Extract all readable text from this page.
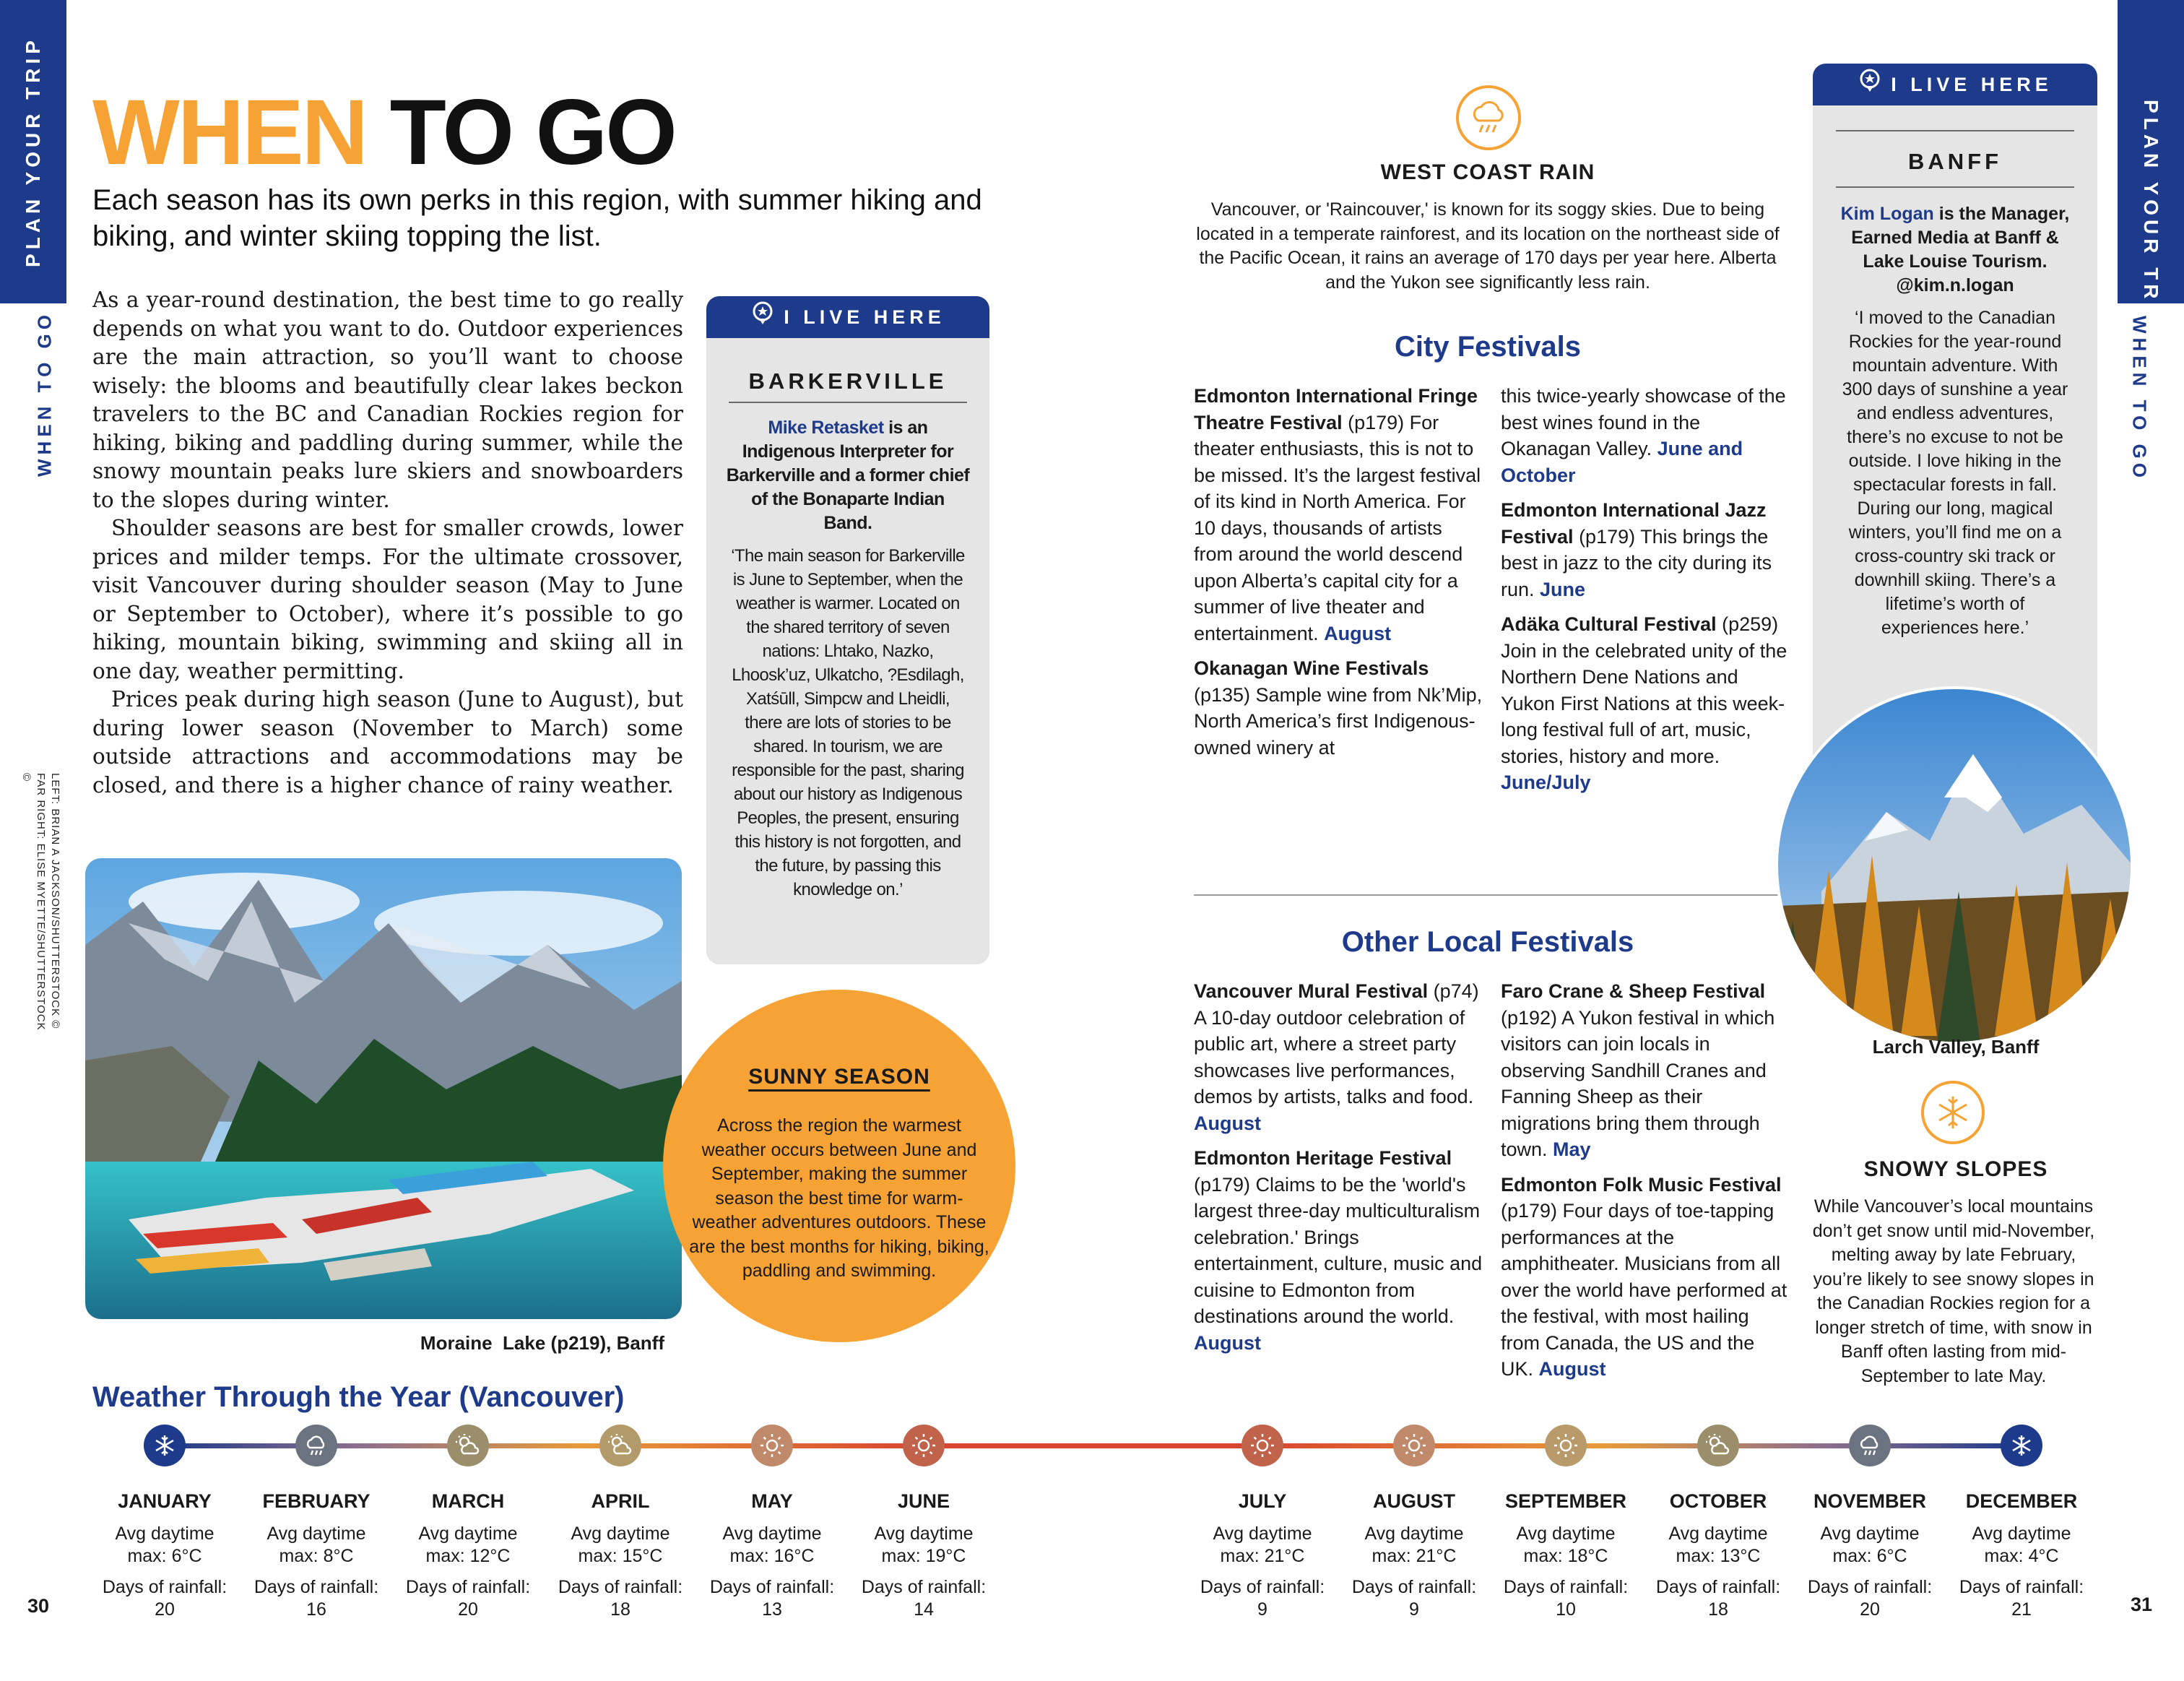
PLAN YOUR TRIP
WHEN TO GO
PLAN YOUR TRIP
WHEN TO GO
WHEN TO GO
Each season has its own perks in this region, with summer hiking and biking, and winter skiing topping the list.

As a year-round destination, the best time to go really depends on what you want to do. Outdoor experiences are the main attraction, so you’ll want to choose wisely: the blooms and beautifully clear lakes beckon travelers to the BC and Canadian Rockies region for hiking, biking and paddling during summer, while the snowy mountain peaks lure skiers and snowboarders to the slopes during winter.

Shoulder seasons are best for smaller crowds, lower prices and milder temps. For the ultimate crossover, visit Vancouver during shoulder season (May to June or September to October), where it’s possible to go hiking, mountain biking, swimming and skiing all in one day, weather permitting.

Prices peak during high season (June to August), but during lower season (November to March) some outside attractions and accommodations may be closed, and there is a higher chance of rainy weather.

I LIVE HERE
BARKERVILLE
Mike Retasket is an Indigenous Interpreter for Barkerville and a former chief of the Bonaparte Indian Band.
‘The main season for Barkerville is June to September, when the weather is warmer. Located on the shared territory of seven nations: Lhtako, Nazko, Lhoosk’uz, Ulkatcho, ?Esdilagh, Xatśūll, Simpcw and Lheidli, there are lots of stories to be shared. In tourism, we are responsible for the past, sharing about our history as Indigenous Peoples, the present, ensuring this history is not forgotten, and the future, by passing this knowledge on.’
LEFT: BRIAN A JACKSON/SHUTTERSTOCK © FAR RIGHT: ELISE MYETTE/SHUTTERSTOCK ©
Moraine  Lake (p219), Banff
SUNNY SEASON
Across the region the warmest weather occurs between June and September, making the summer season the best time for warm-weather adventures outdoors. These are the best months for hiking, biking, paddling and swimming.
WEST COAST RAIN
Vancouver, or 'Raincouver,' is known for its soggy skies. Due to being located in a temperate rainforest, and its location on the northeast side of the Pacific Ocean, it rains an average of 170 days per year here. Alberta and the Yukon see significantly less rain.
City Festivals

Edmonton International Fringe Theatre Festival (p179) For theater enthusiasts, this is not to be missed. It’s the largest festival of its kind in North America. For 10 days, thousands of artists from around the world descend upon Alberta’s capital city for a summer of live theater and entertainment. August

Okanagan Wine Festivals (p135) Sample wine from Nk’Mip, North America’s first Indigenous-owned winery at

this twice-yearly showcase of the best wines found in the Okanagan Valley. June and October

Edmonton International Jazz Festival (p179) This brings the best in jazz to the city during its run. June

Adäka Cultural Festival (p259) Join in the celebrated unity of the Northern Dene Nations and Yukon First Nations at this week-long festival full of art, music, stories, history and more. June/July

Other Local Festivals

Vancouver Mural Festival (p74) A 10-day outdoor celebration of public art, where a street party showcases live performances, demos by artists, talks and food. August

Edmonton Heritage Festival (p179) Claims to be the 'world's largest three-day multiculturalism celebration.' Brings entertainment, culture, music and cuisine to Edmonton from destinations around the world. August

Faro Crane & Sheep Festival (p192) A Yukon festival in which visitors can join locals in observing Sandhill Cranes and Fanning Sheep as their migrations bring them through town. May

Edmonton Folk Music Festival (p179) Four days of toe-tapping performances at the amphitheater. Musicians from all over the world have performed at the festival, with most hailing from Canada, the US and the UK. August

I LIVE HERE
BANFF
Kim Logan is the Manager, Earned Media at Banff & Lake Louise Tourism. @kim.n.logan
‘I moved to the Canadian Rockies for the year-round mountain adventure. With 300 days of sunshine a year and endless adventures, there’s no excuse to not be outside. I love hiking in the spectacular forests in fall. During our long, magical winters, you’ll find me on a cross-country ski track or downhill skiing. There’s a lifetime’s worth of experiences here.’
Larch Valley, Banff
SNOWY SLOPES
While Vancouver’s local mountains don’t get snow until mid-November, melting away by late February, you’re likely to see snowy slopes in the Canadian Rockies region for a longer stretch of time, with snow in Banff often lasting from mid-September to late May.
Weather Through the Year (Vancouver)
JANUARY
Avg daytime
max: 6°C
Days of rainfall:
20
FEBRUARY
Avg daytime
max: 8°C
Days of rainfall:
16
MARCH
Avg daytime
max: 12°C
Days of rainfall:
20
APRIL
Avg daytime
max: 15°C
Days of rainfall:
18
MAY
Avg daytime
max: 16°C
Days of rainfall:
13
JUNE
Avg daytime
max: 19°C
Days of rainfall:
14
JULY
Avg daytime
max: 21°C
Days of rainfall:
9
AUGUST
Avg daytime
max: 21°C
Days of rainfall:
9
SEPTEMBER
Avg daytime
max: 18°C
Days of rainfall:
10
OCTOBER
Avg daytime
max: 13°C
Days of rainfall:
18
NOVEMBER
Avg daytime
max: 6°C
Days of rainfall:
20
DECEMBER
Avg daytime
max: 4°C
Days of rainfall:
21
30	31
